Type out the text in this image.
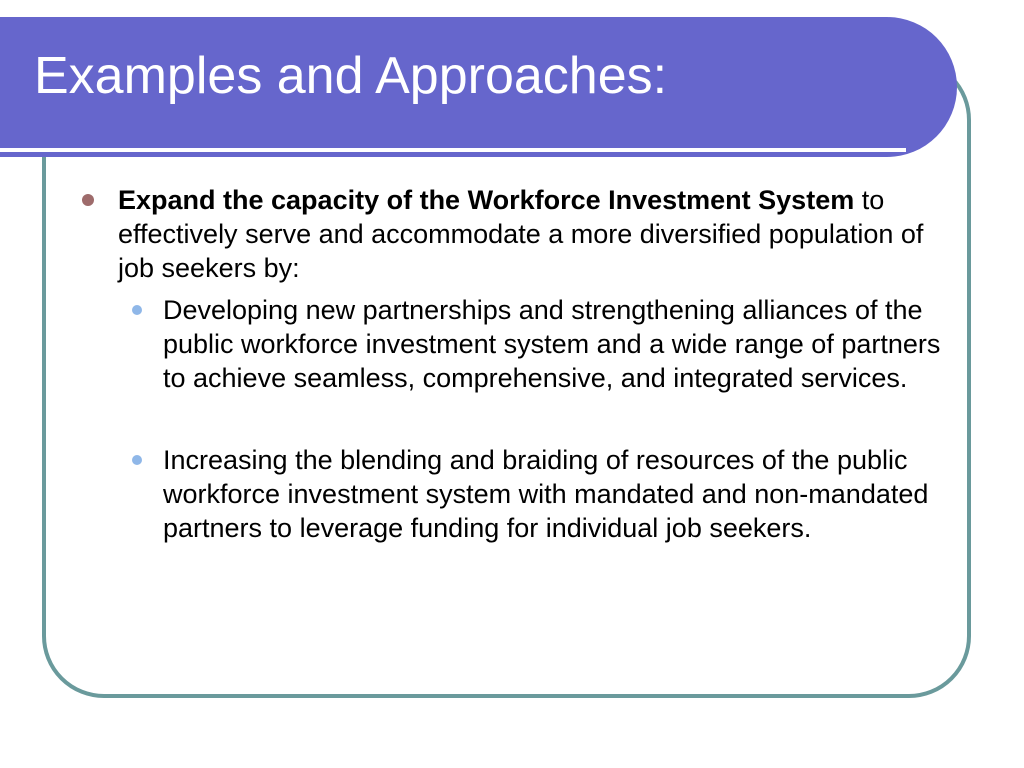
Examples and Approaches:
Expand the capacity of the Workforce Investment System to effectively serve and accommodate a more diversified population of job seekers by:
Developing new partnerships and strengthening alliances of the public workforce investment system and a wide range of partners to achieve seamless, comprehensive, and integrated services.
Increasing the blending and braiding of resources of the public workforce investment system with mandated and non-mandated partners to leverage funding for individual job seekers.
